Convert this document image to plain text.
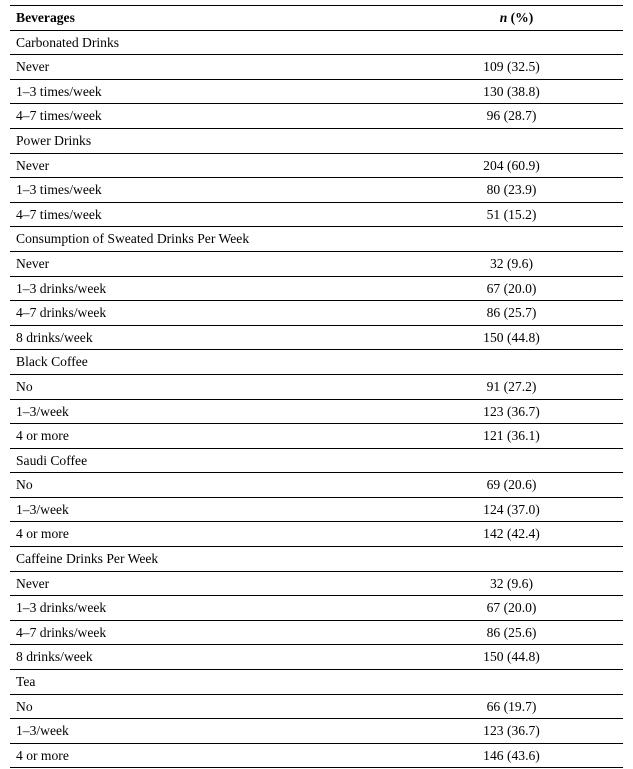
Beverages	n (%)
Carbonated Drinks	
Never	109 (32.5)
1–3 times/week	130 (38.8)
4–7 times/week	96 (28.7)
Power Drinks	
Never	204 (60.9)
1–3 times/week	80 (23.9)
4–7 times/week	51 (15.2)
Consumption of Sweated Drinks Per Week	
Never	32 (9.6)
1–3 drinks/week	67 (20.0)
4–7 drinks/week	86 (25.7)
8 drinks/week	150 (44.8)
Black Coffee	
No	91 (27.2)
1–3/week	123 (36.7)
4 or more	121 (36.1)
Saudi Coffee	
No	69 (20.6)
1–3/week	124 (37.0)
4 or more	142 (42.4)
Caffeine Drinks Per Week	
Never	32 (9.6)
1–3 drinks/week	67 (20.0)
4–7 drinks/week	86 (25.6)
8 drinks/week	150 (44.8)
Tea	
No	66 (19.7)
1–3/week	123 (36.7)
4 or more	146 (43.6)
